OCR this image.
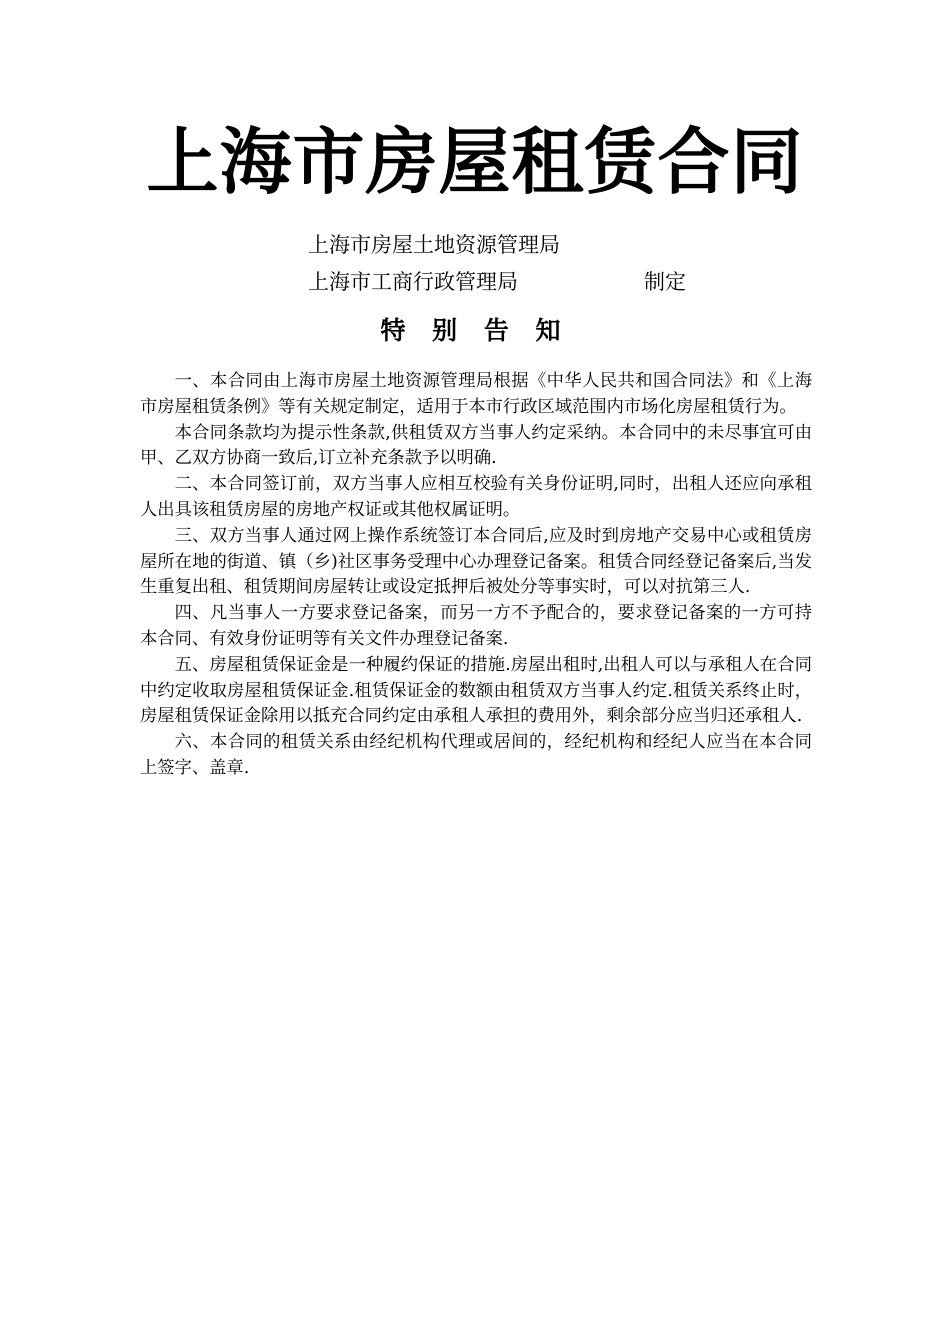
上海市房屋租赁合同
上海市房屋土地资源管理局
上海市工商行政管理局	制定
特 别 告 知

一、本合同由上海市房屋土地资源管理局根据《中华人民共和国合同法》和《上海市房屋租赁条例》等有关规定制定，适用于本市行政区域范围内市场化房屋租赁行为。

本合同条款均为提示性条款,供租赁双方当事人约定采纳。本合同中的未尽事宜可由甲、乙双方协商一致后,订立补充条款予以明确.

二、本合同签订前，双方当事人应相互校验有关身份证明,同时，出租人还应向承租人出具该租赁房屋的房地产权证或其他权属证明。

三、双方当事人通过网上操作系统签订本合同后,应及时到房地产交易中心或租赁房屋所在地的街道、镇（乡)社区事务受理中心办理登记备案。租赁合同经登记备案后,当发生重复出租、租赁期间房屋转让或设定抵押后被处分等事实时，可以对抗第三人.

四、凡当事人一方要求登记备案，而另一方不予配合的，要求登记备案的一方可持本合同、有效身份证明等有关文件办理登记备案.

五、房屋租赁保证金是一种履约保证的措施.房屋出租时,出租人可以与承租人在合同中约定收取房屋租赁保证金.租赁保证金的数额由租赁双方当事人约定.租赁关系终止时，房屋租赁保证金除用以抵充合同约定由承租人承担的费用外，剩余部分应当归还承租人.

六、本合同的租赁关系由经纪机构代理或居间的，经纪机构和经纪人应当在本合同上签字、盖章.
